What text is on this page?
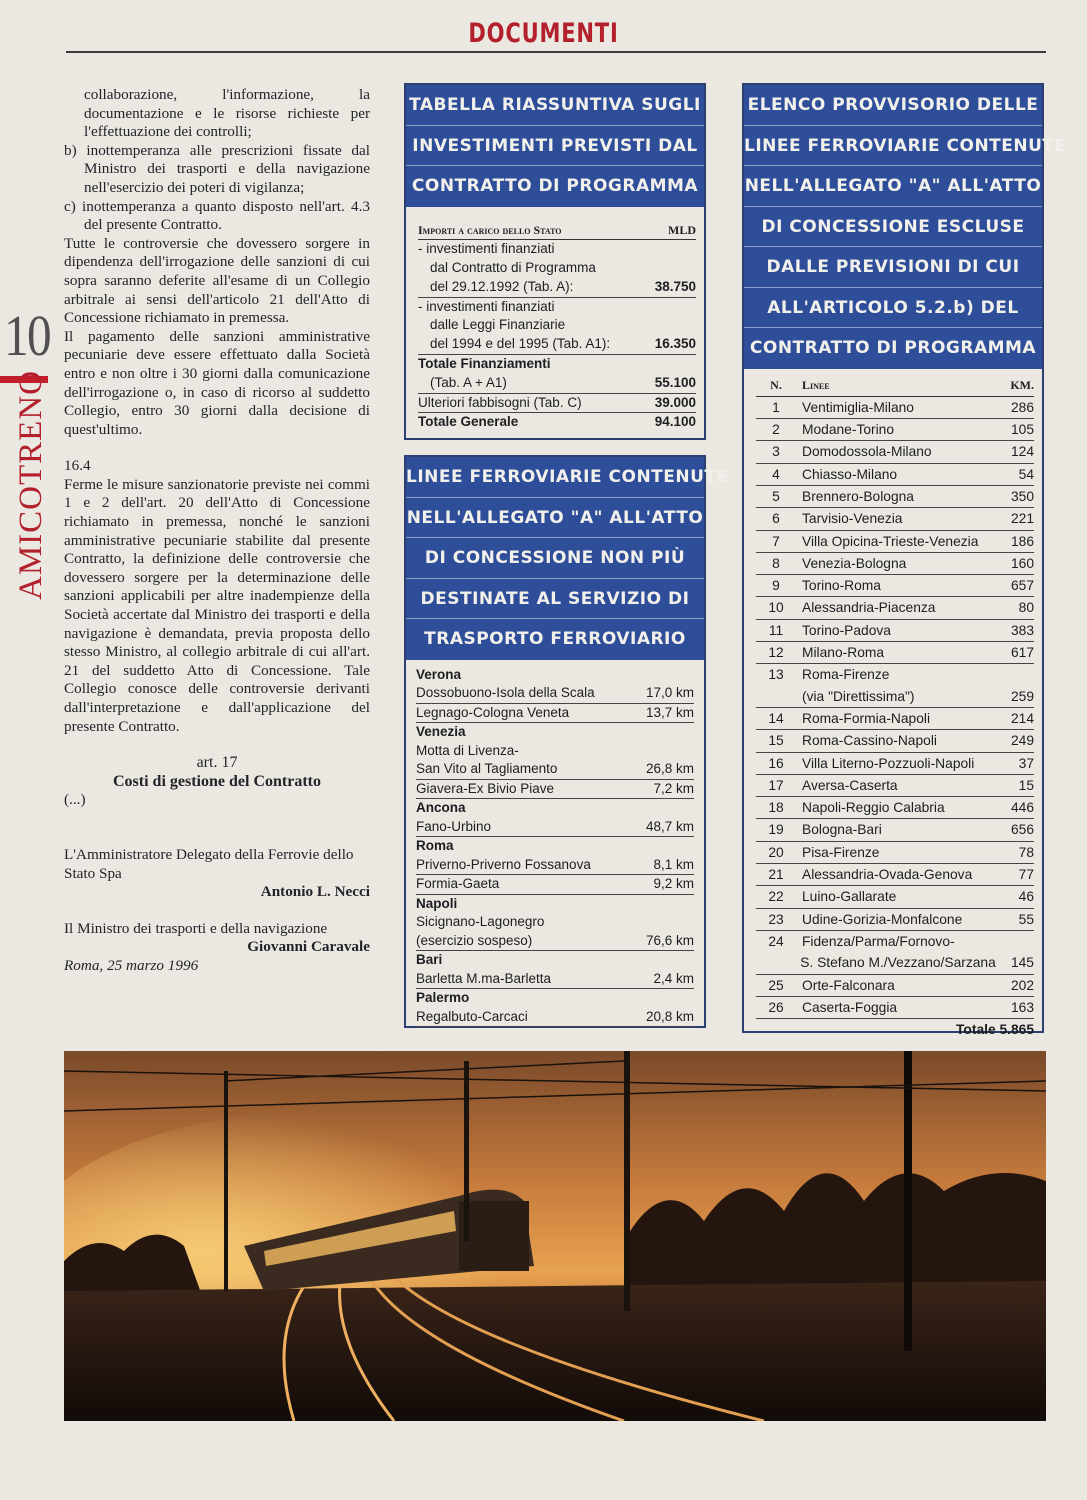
DOCUMENTI
10
AMICOTRENO

collaborazione, l'informazione, la documentazione e le risorse richieste per l'effettuazione dei controlli;

b) inottemperanza alle prescrizioni fissate dal Ministro dei trasporti e della navigazione nell'esercizio dei poteri di vigilanza;

c) inottemperanza a quanto disposto nell'art. 4.3 del presente Contratto.

Tutte le controversie che dovessero sorgere in dipendenza dell'irrogazione delle sanzioni di cui sopra saranno deferite all'esame di un Collegio arbitrale ai sensi dell'articolo 21 dell'Atto di Concessione richiamato in premessa.

Il pagamento delle sanzioni amministrative pecuniarie deve essere effettuato dalla Società entro e non oltre i 30 giorni dalla comunicazione dell'irrogazione o, in caso di ricorso al suddetto Collegio, entro 30 giorni dalla decisione di quest'ultimo.

16.4

Ferme le misure sanzionatorie previste nei commi 1 e 2 dell'art. 20 dell'Atto di Concessione richiamato in premessa, nonché le sanzioni amministrative pecuniarie stabilite dal presente Contratto, la definizione delle controversie che dovessero sorgere per la determinazione delle sanzioni applicabili per altre inadempienze della Società accertate dal Ministro dei trasporti e della navigazione è demandata, previa proposta dello stesso Ministro, al collegio arbitrale di cui all'art. 21 del suddetto Atto di Concessione. Tale Collegio conosce delle controversie derivanti dall'interpretazione e dall'applicazione del presente Contratto.

art. 17
Costi di gestione del Contratto

(...)

L'Amministratore Delegato della Ferrovie dello Stato Spa

Antonio L. Necci

Il Ministro dei trasporti e della navigazione

Giovanni Caravale

Roma, 25 marzo 1996

TABELLA RIASSUNTIVA SUGLI
INVESTIMENTI PREVISTI DAL
CONTRATTO DI PROGRAMMA
Importi a carico dello Stato	MLD
- investimenti finanziati
dal Contratto di Programma
del 29.12.1992 (Tab. A):	38.750
- investimenti finanziati
dalle Leggi Finanziarie
del 1994 e del 1995 (Tab. A1):	16.350
Totale Finanziamenti
(Tab. A + A1)	55.100
Ulteriori fabbisogni (Tab. C)	39.000
Totale Generale	94.100
LINEE FERROVIARIE CONTENUTE
NELL'ALLEGATO "A" ALL'ATTO
DI CONCESSIONE NON PIÙ
DESTINATE AL SERVIZIO DI
TRASPORTO FERROVIARIO
Verona
Dossobuono-Isola della Scala	17,0 km
Legnago-Cologna Veneta	13,7 km
Venezia
Motta di Livenza-
San Vito al Tagliamento	26,8 km
Giavera-Ex Bivio Piave	7,2 km
Ancona
Fano-Urbino	48,7 km
Roma
Priverno-Priverno Fossanova	8,1 km
Formia-Gaeta	9,2 km
Napoli
Sicignano-Lagonegro
(esercizio sospeso)	76,6 km
Bari
Barletta M.ma-Barletta	2,4 km
Palermo
Regalbuto-Carcaci	20,8 km
ELENCO PROVVISORIO DELLE
LINEE FERROVIARIE CONTENUTE
NELL'ALLEGATO "A" ALL'ATTO
DI CONCESSIONE ESCLUSE
DALLE PREVISIONI DI CUI
ALL'ARTICOLO 5.2.b) DEL
CONTRATTO DI PROGRAMMA
N.	Linee	KM.
1	Ventimiglia-Milano	286
2	Modane-Torino	105
3	Domodossola-Milano	124
4	Chiasso-Milano	54
5	Brennero-Bologna	350
6	Tarvisio-Venezia	221
7	Villa Opicina-Trieste-Venezia	186
8	Venezia-Bologna	160
9	Torino-Roma	657
10	Alessandria-Piacenza	80
11	Torino-Padova	383
12	Milano-Roma	617
13	Roma-Firenze
(via "Direttissima")	259
14	Roma-Formia-Napoli	214
15	Roma-Cassino-Napoli	249
16	Villa Literno-Pozzuoli-Napoli	37
17	Aversa-Caserta	15
18	Napoli-Reggio Calabria	446
19	Bologna-Bari	656
20	Pisa-Firenze	78
21	Alessandria-Ovada-Genova	77
22	Luino-Gallarate	46
23	Udine-Gorizia-Monfalcone	55
24	Fidenza/Parma/Fornovo-
S. Stefano M./Vezzano/Sarzana	145
25	Orte-Falconara	202
26	Caserta-Foggia	163
Totale 5.865
